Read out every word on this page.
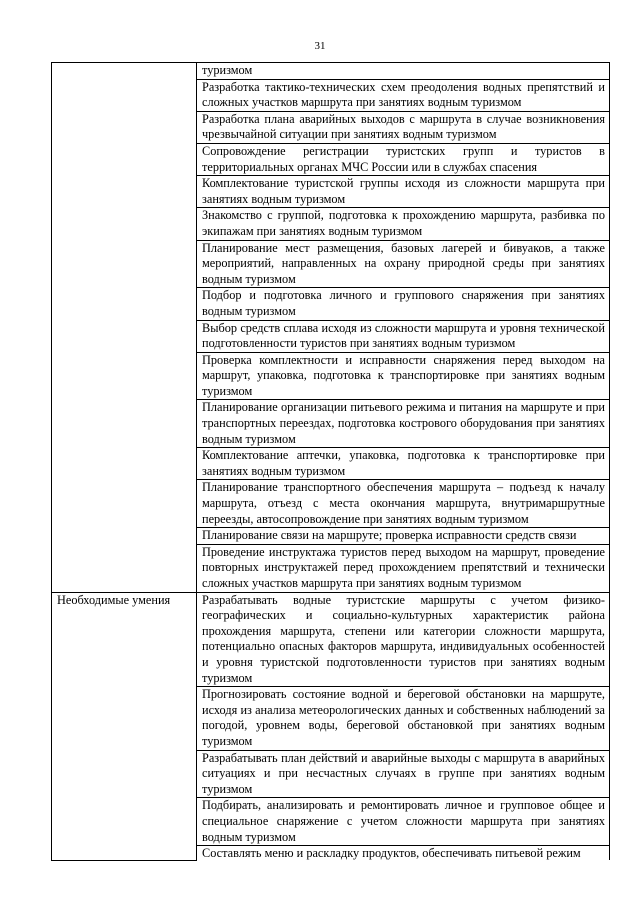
31
	туризмом
	Разработка тактико-технических схем преодоления водных препятствий и сложных участков маршрута при занятиях водным туризмом
	Разработка плана аварийных выходов с маршрута в случае возникновения чрезвычайной ситуации при занятиях водным туризмом
	Сопровождение регистрации туристских групп и туристов в территориальных органах МЧС России или в службах спасения
	Комплектование туристской группы исходя из сложности маршрута при занятиях водным туризмом
	Знакомство с группой, подготовка к прохождению маршрута, разбивка по экипажам при занятиях водным туризмом
	Планирование мест размещения, базовых лагерей и бивуаков, а также мероприятий, направленных на охрану природной среды при занятиях водным туризмом
	Подбор и подготовка личного и группового снаряжения при занятиях водным туризмом
	Выбор средств сплава исходя из сложности маршрута и уровня технической подготовленности туристов при занятиях водным туризмом
	Проверка комплектности и исправности снаряжения перед выходом на маршрут, упаковка, подготовка к транспортировке при занятиях водным туризмом
	Планирование организации питьевого режима и питания на маршруте и при транспортных переездах, подготовка кострового оборудования при занятиях водным туризмом
	Комплектование аптечки, упаковка, подготовка к транспортировке при занятиях водным туризмом
	Планирование транспортного обеспечения маршрута – подъезд к началу маршрута, отъезд с места окончания маршрута, внутримаршрутные переезды, автосопровождение при занятиях водным туризмом
	Планирование связи на маршруте; проверка исправности средств связи
	Проведение инструктажа туристов перед выходом на маршрут, проведение повторных инструктажей перед прохождением препятствий и технически сложных участков маршрута при занятиях водным туризмом
Необходимые умения	Разрабатывать водные туристские маршруты с учетом физико-географических и социально-культурных характеристик района прохождения маршрута, степени или категории сложности маршрута, потенциально опасных факторов маршрута, индивидуальных особенностей и уровня туристской подготовленности туристов при занятиях водным туризмом
	Прогнозировать состояние водной и береговой обстановки на маршруте, исходя из анализа метеорологических данных и собственных наблюдений за погодой, уровнем воды, береговой обстановкой при занятиях водным туризмом
	Разрабатывать план действий и аварийные выходы с маршрута в аварийных ситуациях и при несчастных случаях в группе при занятиях водным туризмом
	Подбирать, анализировать и ремонтировать личное и групповое общее и специальное снаряжение с учетом сложности маршрута при занятиях водным туризмом

	Составлять меню и раскладку продуктов, обеспечивать питьевой режим
